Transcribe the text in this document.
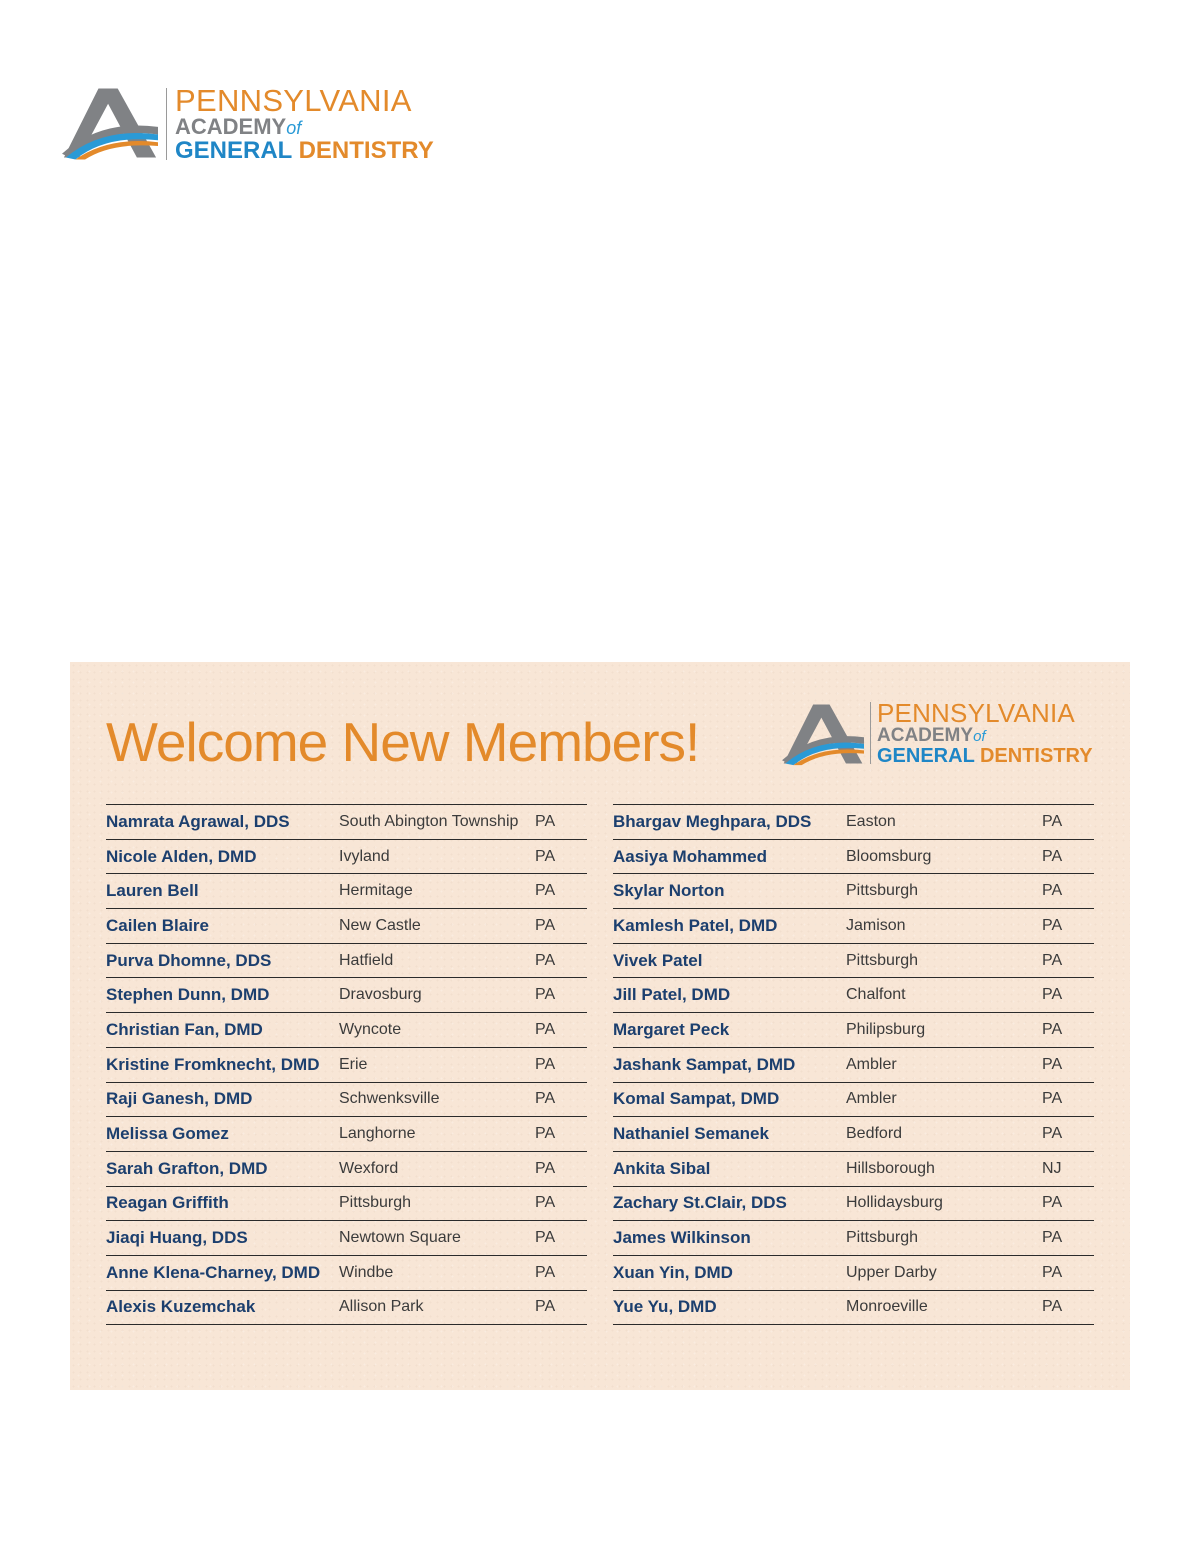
PENNSYLVANIA
ACADEMYof
GENERAL DENTISTRY
Welcome New Members!	PENNSYLVANIA
ACADEMYof
GENERAL DENTISTRY
Namrata Agrawal, DDS	South Abington Township	PA
Nicole Alden, DMD	Ivyland	PA
Lauren Bell	Hermitage	PA
Cailen Blaire	New Castle	PA
Purva Dhomne, DDS	Hatfield	PA
Stephen Dunn, DMD	Dravosburg	PA
Christian Fan, DMD	Wyncote	PA
Kristine Fromknecht, DMD	Erie	PA
Raji Ganesh, DMD	Schwenksville	PA
Melissa Gomez	Langhorne	PA
Sarah Grafton, DMD	Wexford	PA
Reagan Griffith	Pittsburgh	PA
Jiaqi Huang, DDS	Newtown Square	PA
Anne Klena-Charney, DMD	Windbe	PA
Alexis Kuzemchak	Allison Park	PA
Bhargav Meghpara, DDS	Easton	PA
Aasiya Mohammed	Bloomsburg	PA
Skylar Norton	Pittsburgh	PA
Kamlesh Patel, DMD	Jamison	PA
Vivek Patel	Pittsburgh	PA
Jill Patel, DMD	Chalfont	PA
Margaret Peck	Philipsburg	PA
Jashank Sampat, DMD	Ambler	PA
Komal Sampat, DMD	Ambler	PA
Nathaniel Semanek	Bedford	PA
Ankita Sibal	Hillsborough	NJ
Zachary St.Clair, DDS	Hollidaysburg	PA
James Wilkinson	Pittsburgh	PA
Xuan Yin, DMD	Upper Darby	PA
Yue Yu, DMD	Monroeville	PA
